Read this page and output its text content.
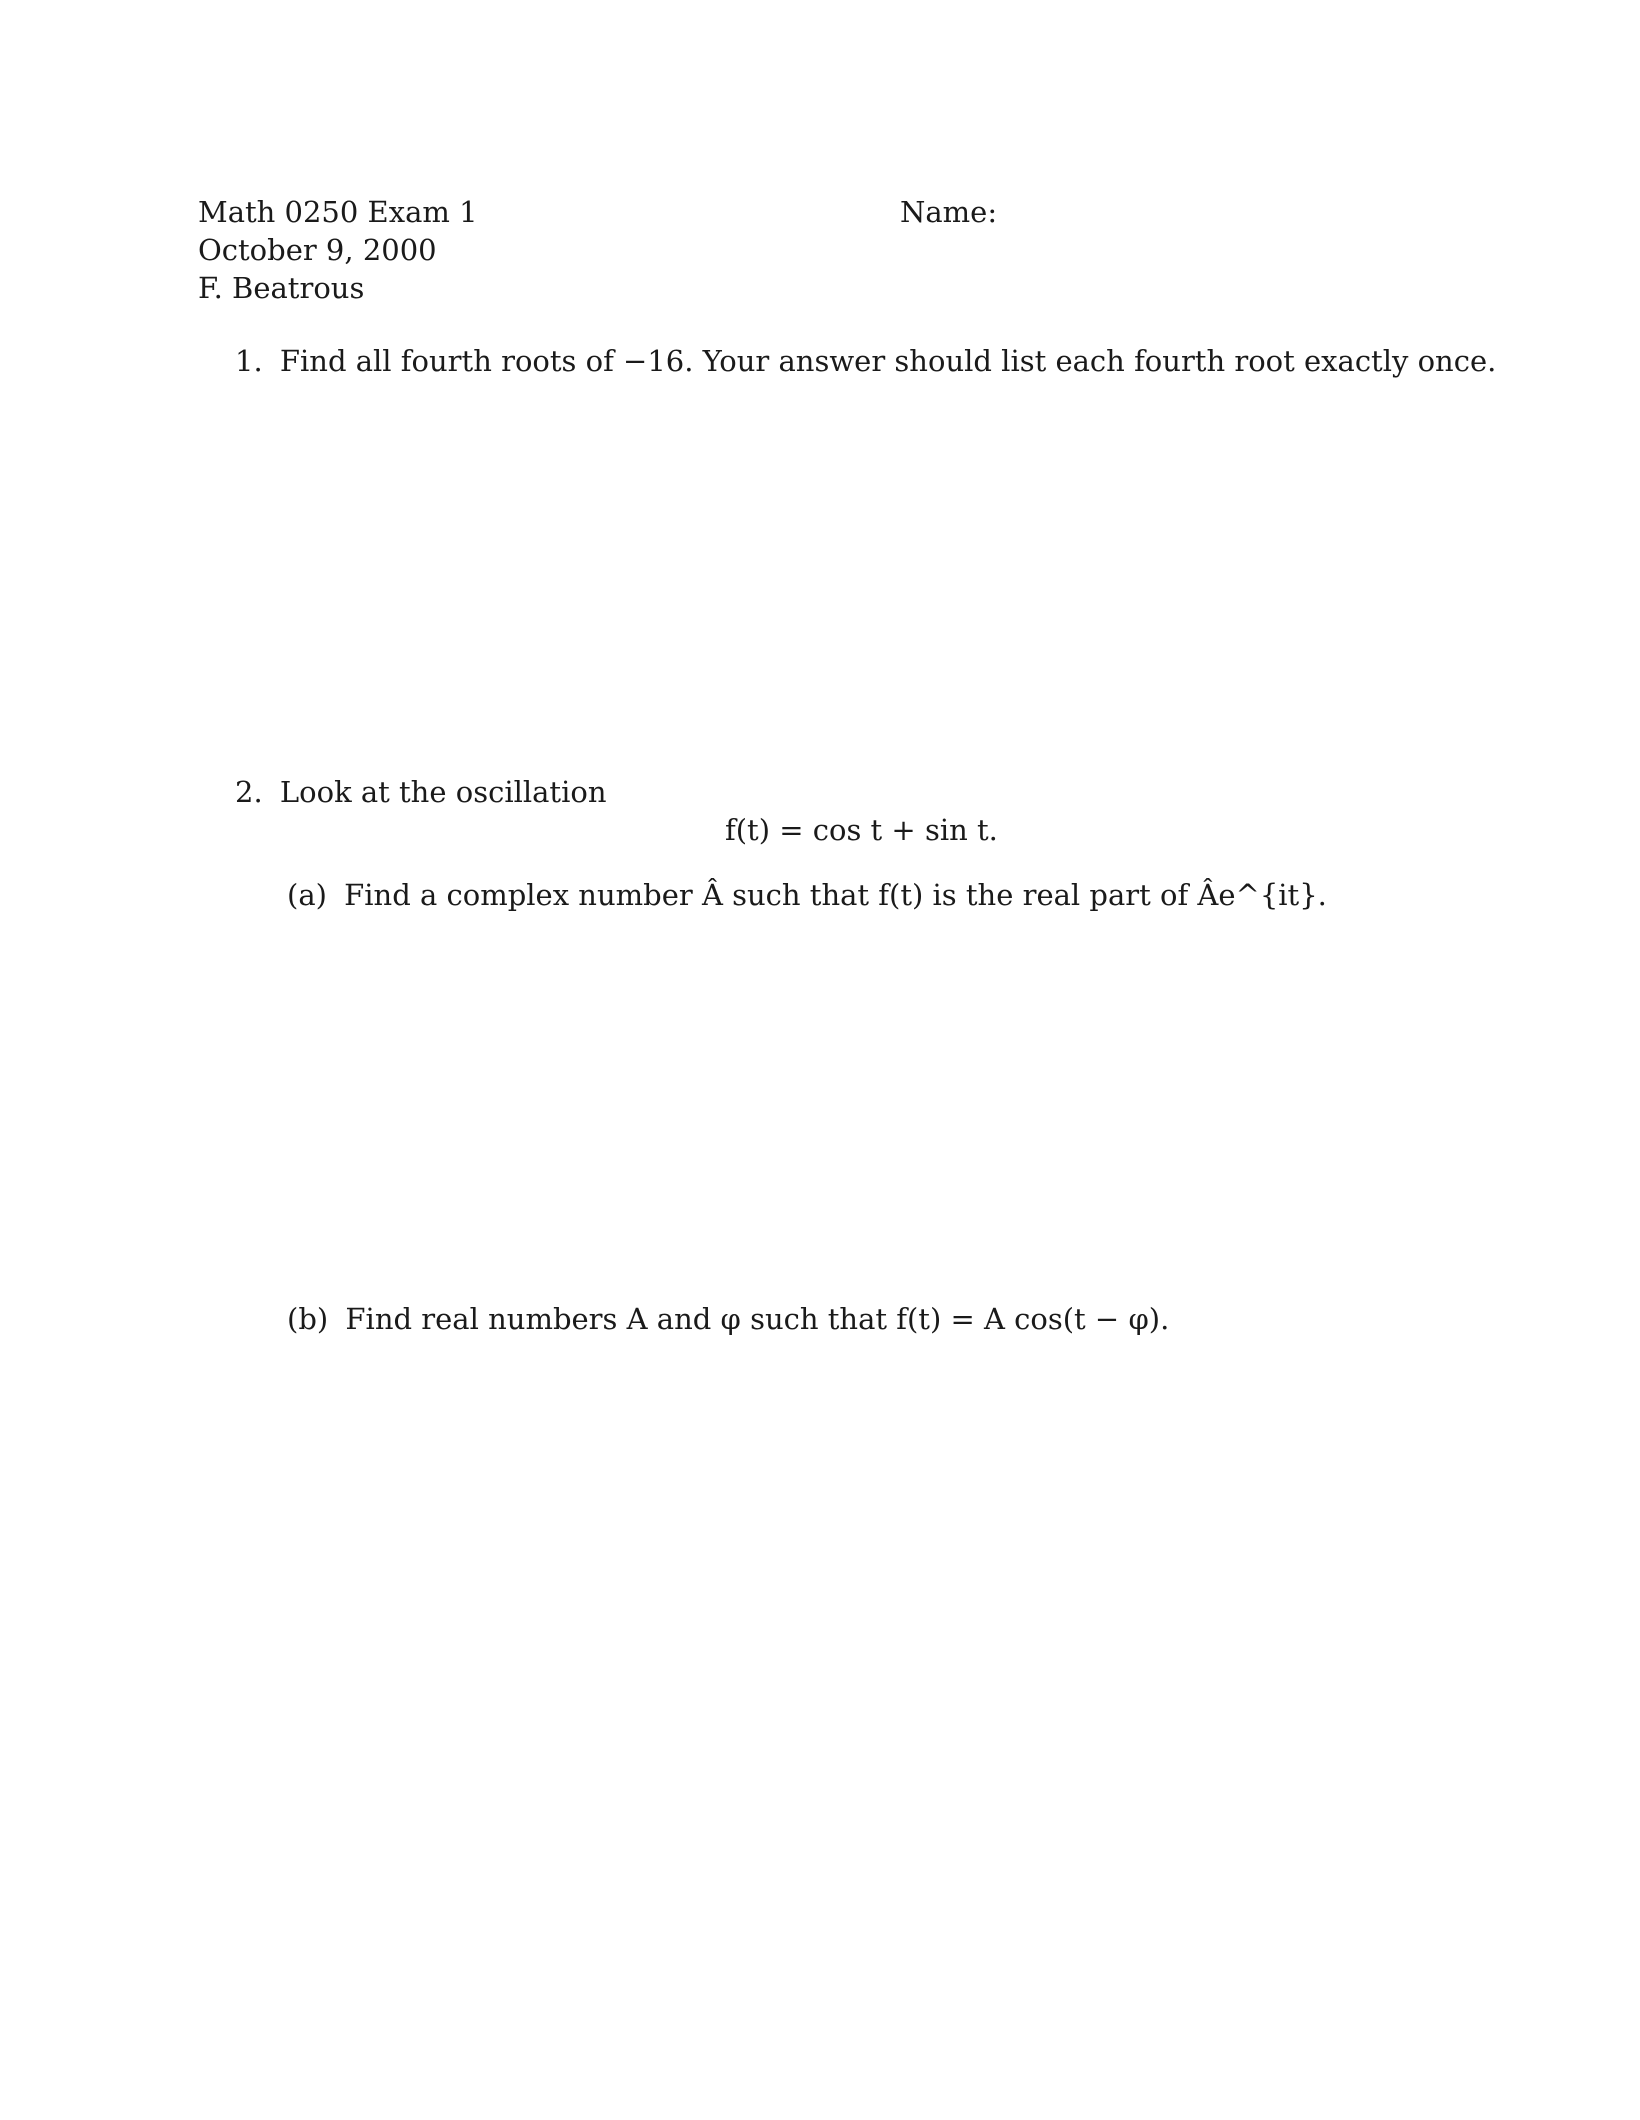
Math 0250 Exam 1
October 9, 2000
F. Beatrous
Name:
1. Find all fourth roots of −16. Your answer should list each fourth root exactly once.
2. Look at the oscillation
f(t) = cos t + sin t.
(a) Find a complex number Â such that f(t) is the real part of Âe^{it}.
(b) Find real numbers A and φ such that f(t) = A cos(t − φ).
